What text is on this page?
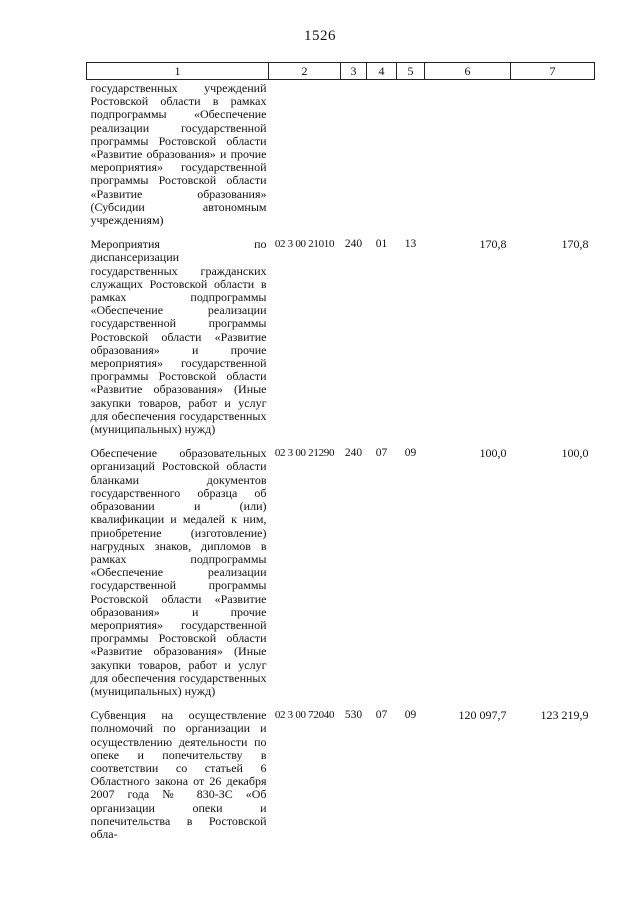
1526
1	2	3	4	5	6	7
государственных учреждений Ростовской области в рамках подпрограммы «Обеспечение реализации государственной программы Ростовской области «Развитие образования» и прочие мероприятия» государственной программы Ростовской области «Развитие образования» (Субсидии автономным учреждениям)						
Мероприятия по диспансеризации государственных гражданских служащих Ростовской области в рамках подпрограммы «Обеспечение реализации государственной программы Ростовской области «Развитие образования» и прочие мероприятия» государственной программы Ростовской области «Развитие образования» (Иные закупки товаров, работ и услуг для обеспечения государственных (муниципальных) нужд)	02 3 00 21010	240	01	13	170,8	170,8
Обеспечение образовательных организаций Ростовской области бланками документов государственного образца об образовании и (или) квалификации и медалей к ним, приобретение (изготовление) нагрудных знаков, дипломов в рамках подпрограммы «Обеспечение реализации государственной программы Ростовской области «Развитие образования» и прочие мероприятия» государственной программы Ростовской области «Развитие образования» (Иные закупки товаров, работ и услуг для обеспечения государственных (муниципальных) нужд)	02 3 00 21290	240	07	09	100,0	100,0
Субвенция на осуществление полномочий по организации и осуществлению деятельности по опеке и попечительству в соответствии со статьей 6 Областного закона от 26 декабря 2007 года № 830-ЗС «Об организации опеки и попечительства в Ростовской обла-	02 3 00 72040	530	07	09	120 097,7	123 219,9
